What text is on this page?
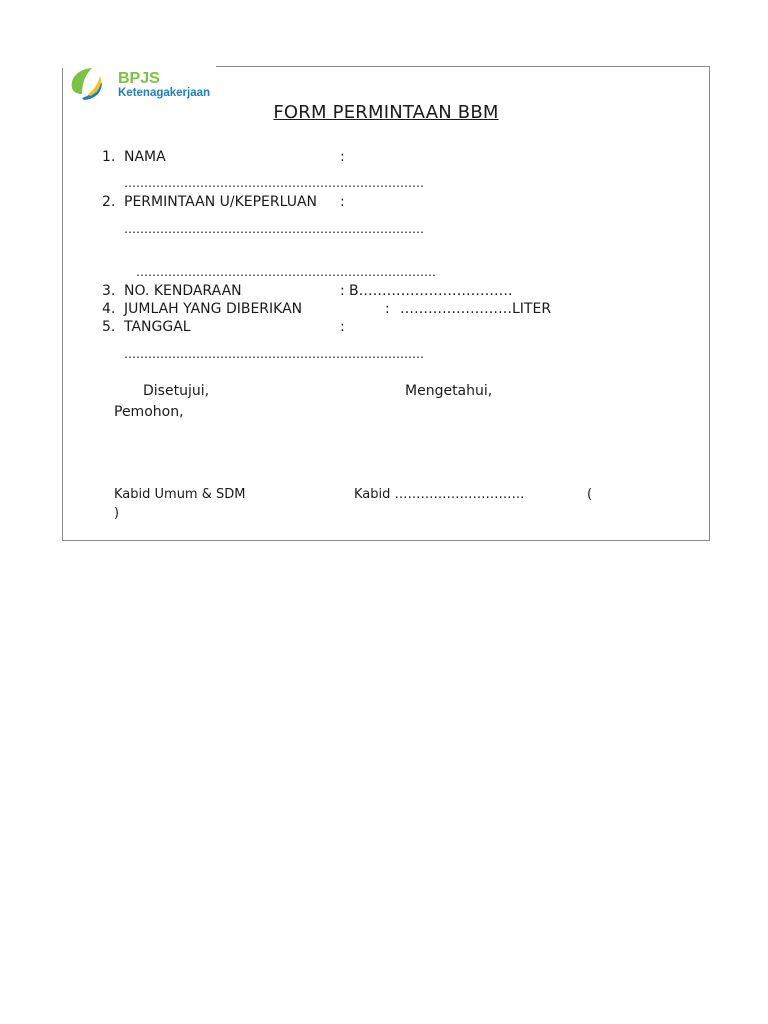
BPJS
Ketenagakerjaan
FORM PERMINTAAN BBM
1. NAMA	:
…………………………………………………………………
2. PERMINTAAN U/KEPERLUAN :
…………………………………………………………………
…………………………………………………………………
3. NO. KENDARAAN	: B……………………………
4. JUMLAH YANG DIBERIKAN	: ……………………LITER
5. TANGGAL	:
…………………………………………………………………
Disetujui,	Mengetahui,
Pemohon,
Kabid Umum & SDM	Kabid …………………………	(
)
